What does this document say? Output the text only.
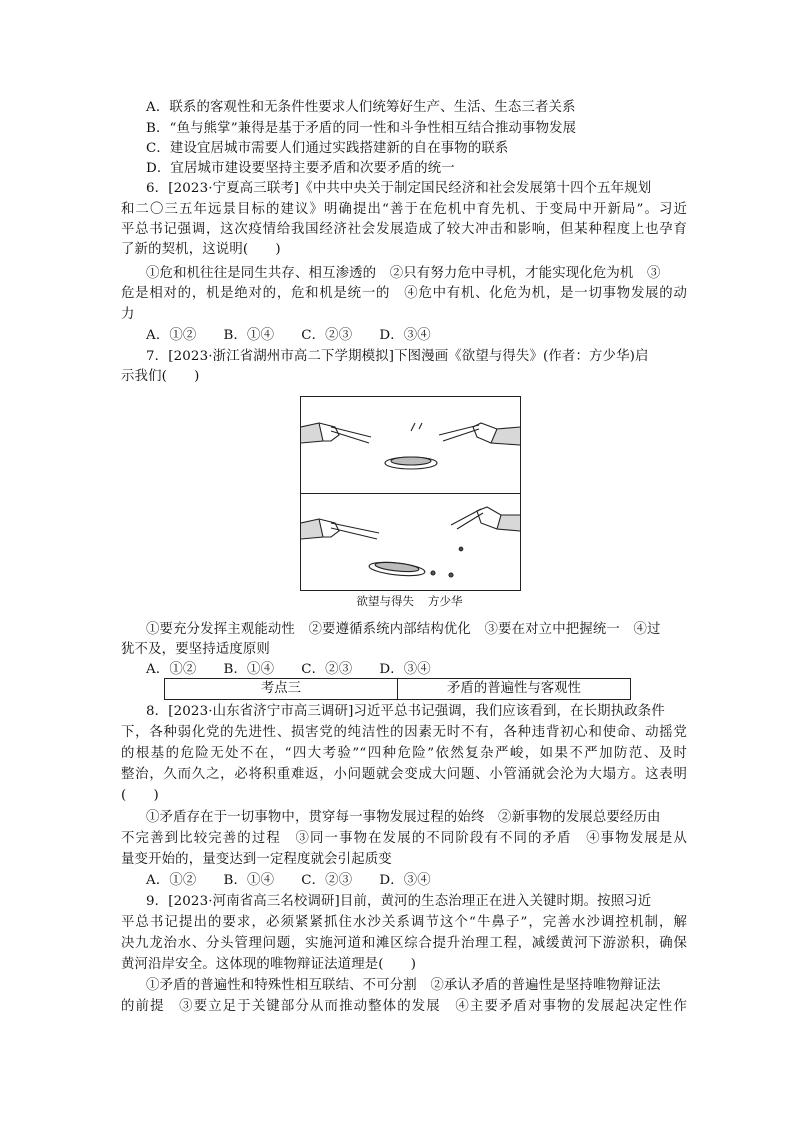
A．联系的客观性和无条件性要求人们统筹好生产、生活、生态三者关系
B．“鱼与熊掌”兼得是基于矛盾的同一性和斗争性相互结合推动事物发展
C．建设宜居城市需要人们通过实践搭建新的自在事物的联系
D．宜居城市建设要坚持主要矛盾和次要矛盾的统一
6．[2023·宁夏高三联考]《中共中央关于制定国民经济和社会发展第十四个五年规划
和二〇三五年远景目标的建议》明确提出“善于在危机中育先机、于变局中开新局”。习近
平总书记强调，这次疫情给我国经济社会发展造成了较大冲击和影响，但某种程度上也孕育
了新的契机，这说明(　　)
①危和机往往是同生共存、相互渗透的　②只有努力危中寻机，才能实现化危为机　③
危是相对的，机是绝对的，危和机是统一的　④危中有机、化危为机，是一切事物发展的动
力
A．①②　　B．①④　　C．②③　　D．③④
7．[2023·浙江省湖州市高二下学期模拟]下图漫画《欲望与得失》(作者：方少华)启
示我们(　　)
欲望与得失 方少华
①要充分发挥主观能动性　②要遵循系统内部结构优化　③要在对立中把握统一　④过
犹不及，要坚持适度原则
A．①②　　B．①④　　C．②③　　D．③④
考点三	矛盾的普遍性与客观性
8．[2023·山东省济宁市高三调研]习近平总书记强调，我们应该看到，在长期执政条件
下，各种弱化党的先进性、损害党的纯洁性的因素无时不有，各种违背初心和使命、动摇党
的根基的危险无处不在，“四大考验”“四种危险”依然复杂严峻，如果不严加防范、及时
整治，久而久之，必将积重难返，小问题就会变成大问题、小管涌就会沦为大塌方。这表明
(　　)
①矛盾存在于一切事物中，贯穿每一事物发展过程的始终　②新事物的发展总要经历由
不完善到比较完善的过程　③同一事物在发展的不同阶段有不同的矛盾　④事物发展是从
量变开始的，量变达到一定程度就会引起质变
A．①②　　B．①④　　C．②③　　D．③④
9．[2023·河南省高三名校调研]目前，黄河的生态治理正在进入关键时期。按照习近
平总书记提出的要求，必须紧紧抓住水沙关系调节这个“牛鼻子”，完善水沙调控机制，解
决九龙治水、分头管理问题，实施河道和滩区综合提升治理工程，减缓黄河下游淤积，确保
黄河沿岸安全。这体现的唯物辩证法道理是(　　)
①矛盾的普遍性和特殊性相互联结、不可分割　②承认矛盾的普遍性是坚持唯物辩证法
的前提　③要立足于关键部分从而推动整体的发展　④主要矛盾对事物的发展起决定性作
